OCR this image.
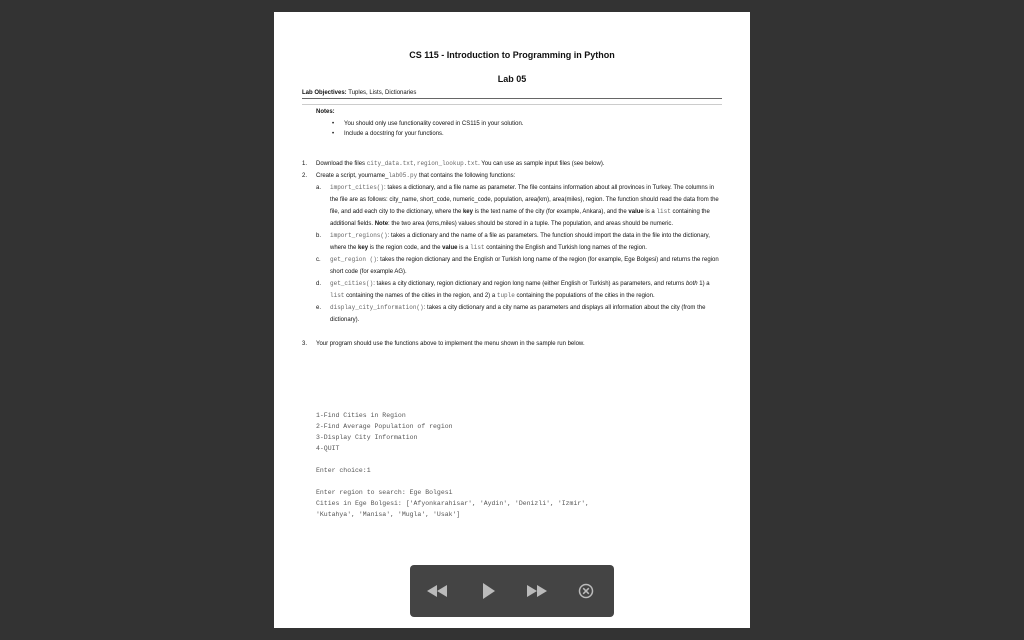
CS 115 - Introduction to Programming in Python
Lab 05
Lab Objectives: Tuples, Lists, Dictionaries
Notes:
• You should only use functionality covered in CS115 in your solution.
• Include a docstring for your functions.
1. Download the files city_data.txt, region_lookup.txt. You can use as sample input files (see below).
2. Create a script, yourname_lab05.py that contains the following functions:
a. import_cities(): takes a dictionary, and a file name as parameter. The file contains information about all provinces in Turkey. The columns in the file are as follows: city_name, short_code, numeric_code, population, area(km), area(miles), region. The function should read the data from the file, and add each city to the dictionary, where the key is the text name of the city (for example, Ankara), and the value is a list containing the additional fields. Note: the two area (kms,miles) values should be stored in a tuple. The population, and areas should be numeric.
b. import_regions(): takes a dictionary and the name of a file as parameters. The function should import the data in the file into the dictionary, where the key is the region code, and the value is a list containing the English and Turkish long names of the region.
c. get_region (): takes the region dictionary and the English or Turkish long name of the region (for example, Ege Bolgesi) and returns the region short code (for example AG).
d. get_cities(): takes a city dictionary, region dictionary and region long name (either English or Turkish) as parameters, and returns both 1) a list containing the names of the cities in the region, and 2) a tuple containing the populations of the cities in the region.
e. display_city_information(): takes a city dictionary and a city name as parameters and displays all information about the city (from the dictionary).
3. Your program should use the functions above to implement the menu shown in the sample run below.
1-Find Cities in Region
2-Find Average Population of region
3-Display City Information
4-QUIT

Enter choice:1

Enter region to search: Ege Bolgesi
Cities in Ege Bolgesi: ['Afyonkarahisar', 'Aydin', 'Denizli', 'Izmir',
'Kutahya', 'Manisa', 'Mugla', 'Usak']
